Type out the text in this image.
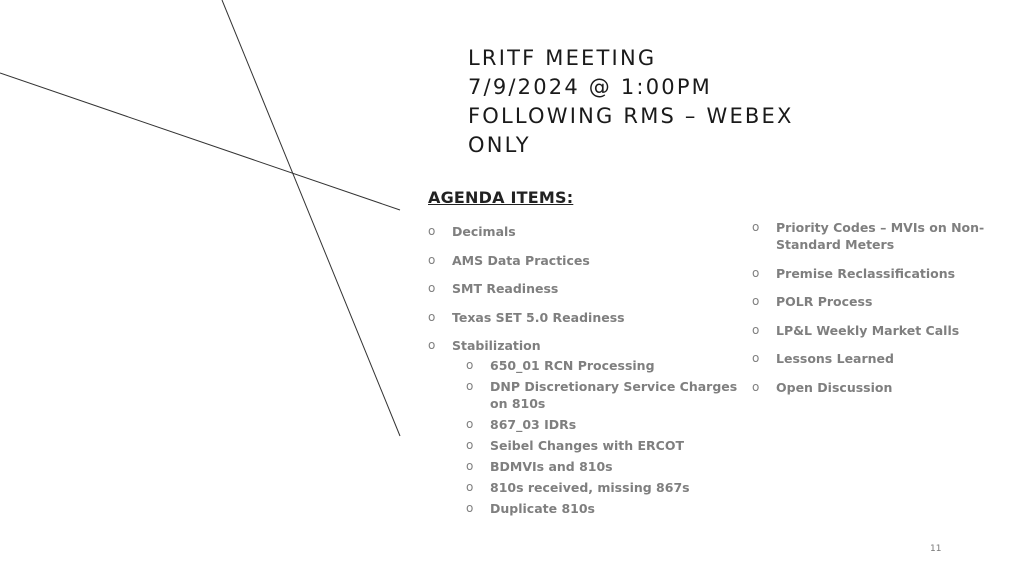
LRITF MEETING
7/9/2024 @ 1:00PM
FOLLOWING RMS – WEBEX
ONLY
AGENDA ITEMS:
o Decimals
o AMS Data Practices
o SMT Readiness
o Texas SET 5.0 Readiness
o Stabilization
o 650_01 RCN Processing
o DNP Discretionary Service Charges on 810s
o 867_03 IDRs
o Seibel Changes with ERCOT
o BDMVIs and 810s
o 810s received, missing 867s
o Duplicate 810s
o Priority Codes – MVIs on Non-Standard Meters
o Premise Reclassifications
o POLR Process
o LP&L Weekly Market Calls
o Lessons Learned
o Open Discussion
11
